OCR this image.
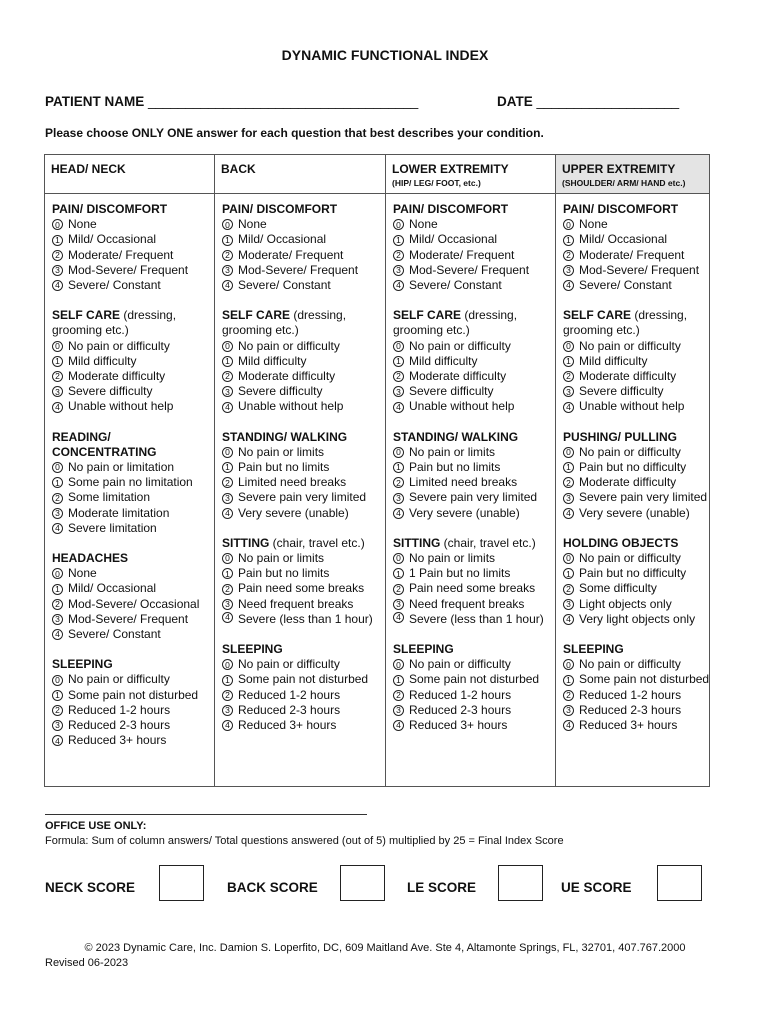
DYNAMIC FUNCTIONAL INDEX
PATIENT NAME ____________________________________	DATE ___________________
Please choose ONLY ONE answer for each question that best describes your condition.
HEAD/ NECK
PAIN/ DISCOMFORT
0 None
1 Mild/ Occasional
2 Moderate/ Frequent
3 Mod-Severe/ Frequent
4 Severe/ Constant
SELF CARE (dressing, grooming etc.)
0 No pain or difficulty
1 Mild difficulty
2 Moderate difficulty
3 Severe difficulty
4 Unable without help
READING/ CONCENTRATING
0 No pain or limitation
1 Some pain no limitation
2 Some limitation
3 Moderate limitation
4 Severe limitation
HEADACHES
0 None
1 Mild/ Occasional
2 Mod-Severe/ Occasional
3 Mod-Severe/ Frequent
4 Severe/ Constant
SLEEPING
0 No pain or difficulty
1 Some pain not disturbed
2 Reduced 1-2 hours
3 Reduced 2-3 hours
4 Reduced 3+ hours
BACK
PAIN/ DISCOMFORT
0 None
1 Mild/ Occasional
2 Moderate/ Frequent
3 Mod-Severe/ Frequent
4 Severe/ Constant
SELF CARE (dressing, grooming etc.)
0 No pain or difficulty
1 Mild difficulty
2 Moderate difficulty
3 Severe difficulty
4 Unable without help
STANDING/ WALKING
0 No pain or limits
1 Pain but no limits
2 Limited need breaks
3 Severe pain very limited
4 Very severe (unable)
SITTING (chair, travel etc.)
0 No pain or limits
1 Pain but no limits
2 Pain need some breaks
3 Need frequent breaks
4 Severe (less than 1 hour)
SLEEPING
0 No pain or difficulty
1 Some pain not disturbed
2 Reduced 1-2 hours
3 Reduced 2-3 hours
4 Reduced 3+ hours
LOWER EXTREMITY
(HIP/ LEG/ FOOT, etc.)
PAIN/ DISCOMFORT
0 None
1 Mild/ Occasional
2 Moderate/ Frequent
3 Mod-Severe/ Frequent
4 Severe/ Constant
SELF CARE (dressing, grooming etc.)
0 No pain or difficulty
1 Mild difficulty
2 Moderate difficulty
3 Severe difficulty
4 Unable without help
STANDING/ WALKING
0 No pain or limits
1 Pain but no limits
2 Limited need breaks
3 Severe pain very limited
4 Very severe (unable)
SITTING (chair, travel etc.)
0 No pain or limits
1 1 Pain but no limits
2 Pain need some breaks
3 Need frequent breaks
4 Severe (less than 1 hour)
SLEEPING
0 No pain or difficulty
1 Some pain not disturbed
2 Reduced 1-2 hours
3 Reduced 2-3 hours
4 Reduced 3+ hours
UPPER EXTREMITY
(SHOULDER/ ARM/ HAND etc.)
PAIN/ DISCOMFORT
0 None
1 Mild/ Occasional
2 Moderate/ Frequent
3 Mod-Severe/ Frequent
4 Severe/ Constant
SELF CARE (dressing, grooming etc.)
0 No pain or difficulty
1 Mild difficulty
2 Moderate difficulty
3 Severe difficulty
4 Unable without help
PUSHING/ PULLING
0 No pain or difficulty
1 Pain but no difficulty
2 Moderate difficulty
3 Severe pain very limited
4 Very severe (unable)
HOLDING OBJECTS
0 No pain or difficulty
1 Pain but no difficulty
2 Some difficulty
3 Light objects only
4 Very light objects only
SLEEPING
0 No pain or difficulty
1 Some pain not disturbed
2 Reduced 1-2 hours
3 Reduced 2-3 hours
4 Reduced 3+ hours
OFFICE USE ONLY:
Formula: Sum of column answers/ Total questions answered (out of 5) multiplied by 25 = Final Index Score
NECK SCORE	BACK SCORE	LE SCORE	UE SCORE
© 2023 Dynamic Care, Inc. Damion S. Loperfito, DC, 609 Maitland Ave. Ste 4, Altamonte Springs, FL, 32701, 407.767.2000
Revised 06-2023
